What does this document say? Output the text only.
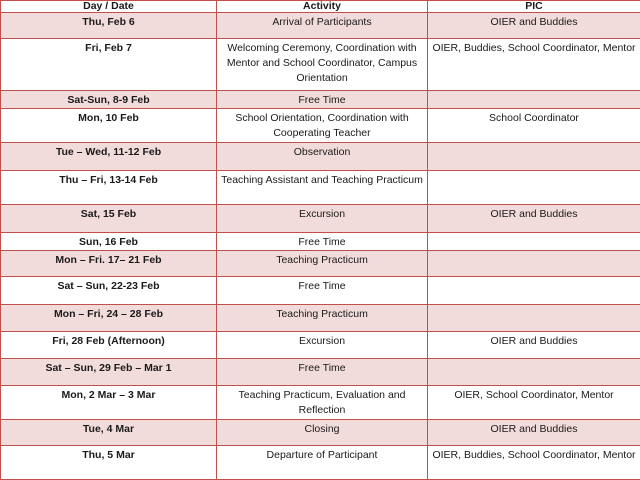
Day / Date	Activity	PIC
Thu, Feb 6	Arrival of Participants	OIER and Buddies
Fri, Feb 7	Welcoming Ceremony, Coordination with Mentor and School Coordinator, Campus Orientation	OIER, Buddies, School Coordinator, Mentor
Sat-Sun, 8-9 Feb	Free Time	
Mon, 10 Feb	School Orientation, Coordination with Cooperating Teacher	School Coordinator
Tue – Wed, 11-12 Feb	Observation	
Thu – Fri, 13-14 Feb	Teaching Assistant and Teaching Practicum	
Sat, 15 Feb	Excursion	OIER and Buddies
Sun, 16 Feb	Free Time	
Mon – Fri. 17– 21 Feb	Teaching Practicum	
Sat – Sun, 22-23 Feb	Free Time	
Mon – Fri, 24 – 28 Feb	Teaching Practicum	
Fri, 28 Feb (Afternoon)	Excursion	OIER and Buddies
Sat – Sun, 29 Feb – Mar 1	Free Time	
Mon, 2 Mar – 3 Mar	Teaching Practicum, Evaluation and Reflection	OIER, School Coordinator, Mentor
Tue, 4 Mar	Closing	OIER and Buddies
Thu, 5 Mar	Departure of Participant	OIER, Buddies, School Coordinator, Mentor
